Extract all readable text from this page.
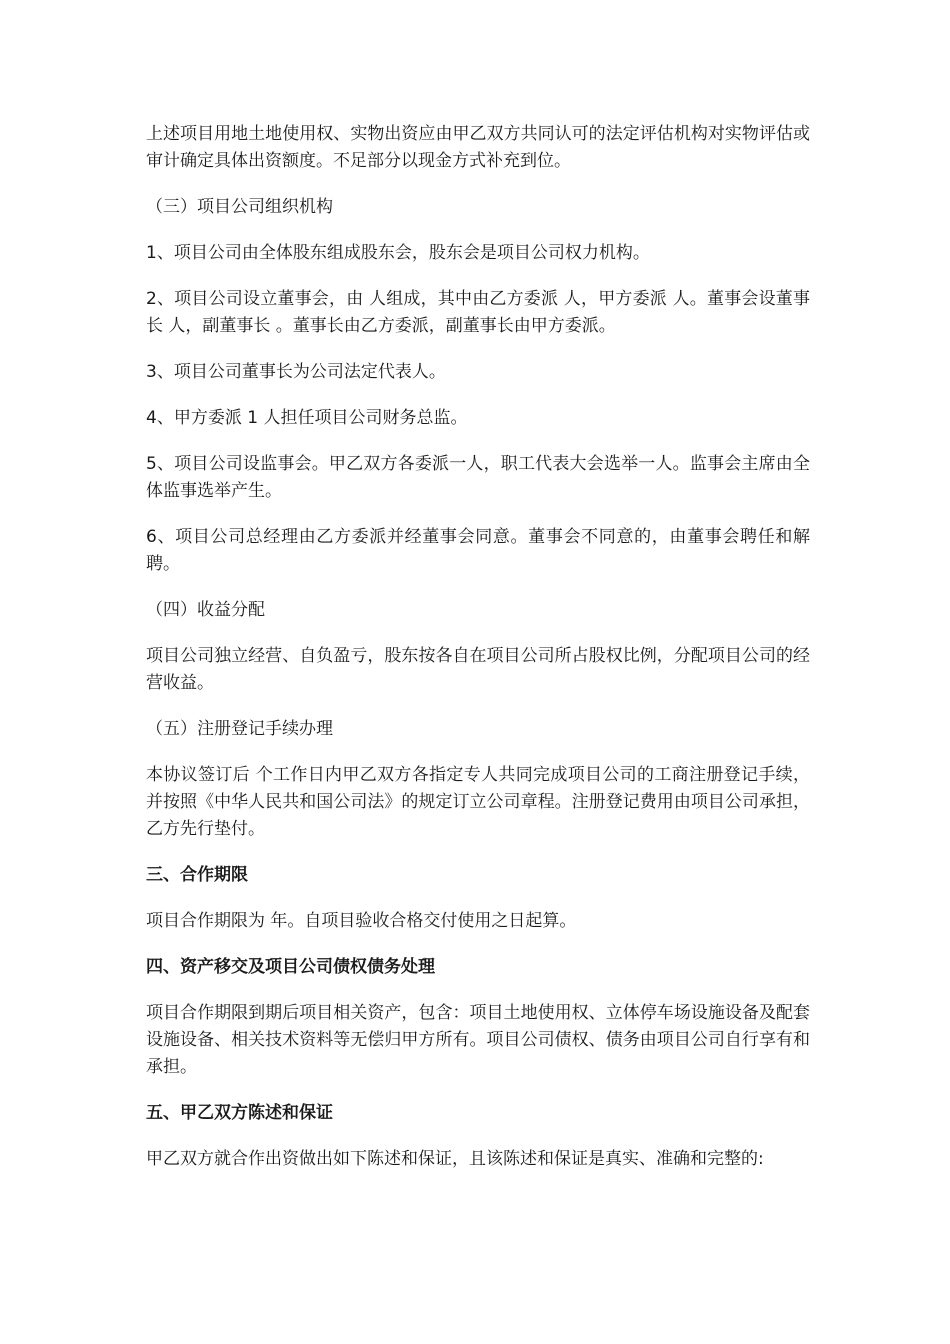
上述项目用地土地使用权、实物出资应由甲乙双方共同认可的法定评估机构对实物评估或审计确定具体出资额度。不足部分以现金方式补充到位。

（三）项目公司组织机构

1、项目公司由全体股东组成股东会，股东会是项目公司权力机构。

2、项目公司设立董事会，由 人组成，其中由乙方委派 人，甲方委派 人。董事会设董事长 人，副董事长 。董事长由乙方委派，副董事长由甲方委派。

3、项目公司董事长为公司法定代表人。

4、甲方委派 1 人担任项目公司财务总监。

5、项目公司设监事会。甲乙双方各委派一人，职工代表大会选举一人。监事会主席由全体监事选举产生。

6、项目公司总经理由乙方委派并经董事会同意。董事会不同意的，由董事会聘任和解聘。

（四）收益分配

项目公司独立经营、自负盈亏，股东按各自在项目公司所占股权比例，分配项目公司的经营收益。

（五）注册登记手续办理

本协议签订后 个工作日内甲乙双方各指定专人共同完成项目公司的工商注册登记手续，并按照《中华人民共和国公司法》的规定订立公司章程。注册登记费用由项目公司承担，乙方先行垫付。

三、合作期限

项目合作期限为 年。自项目验收合格交付使用之日起算。

四、资产移交及项目公司债权债务处理

项目合作期限到期后项目相关资产，包含：项目土地使用权、立体停车场设施设备及配套设施设备、相关技术资料等无偿归甲方所有。项目公司债权、债务由项目公司自行享有和承担。

五、甲乙双方陈述和保证

甲乙双方就合作出资做出如下陈述和保证，且该陈述和保证是真实、准确和完整的:
